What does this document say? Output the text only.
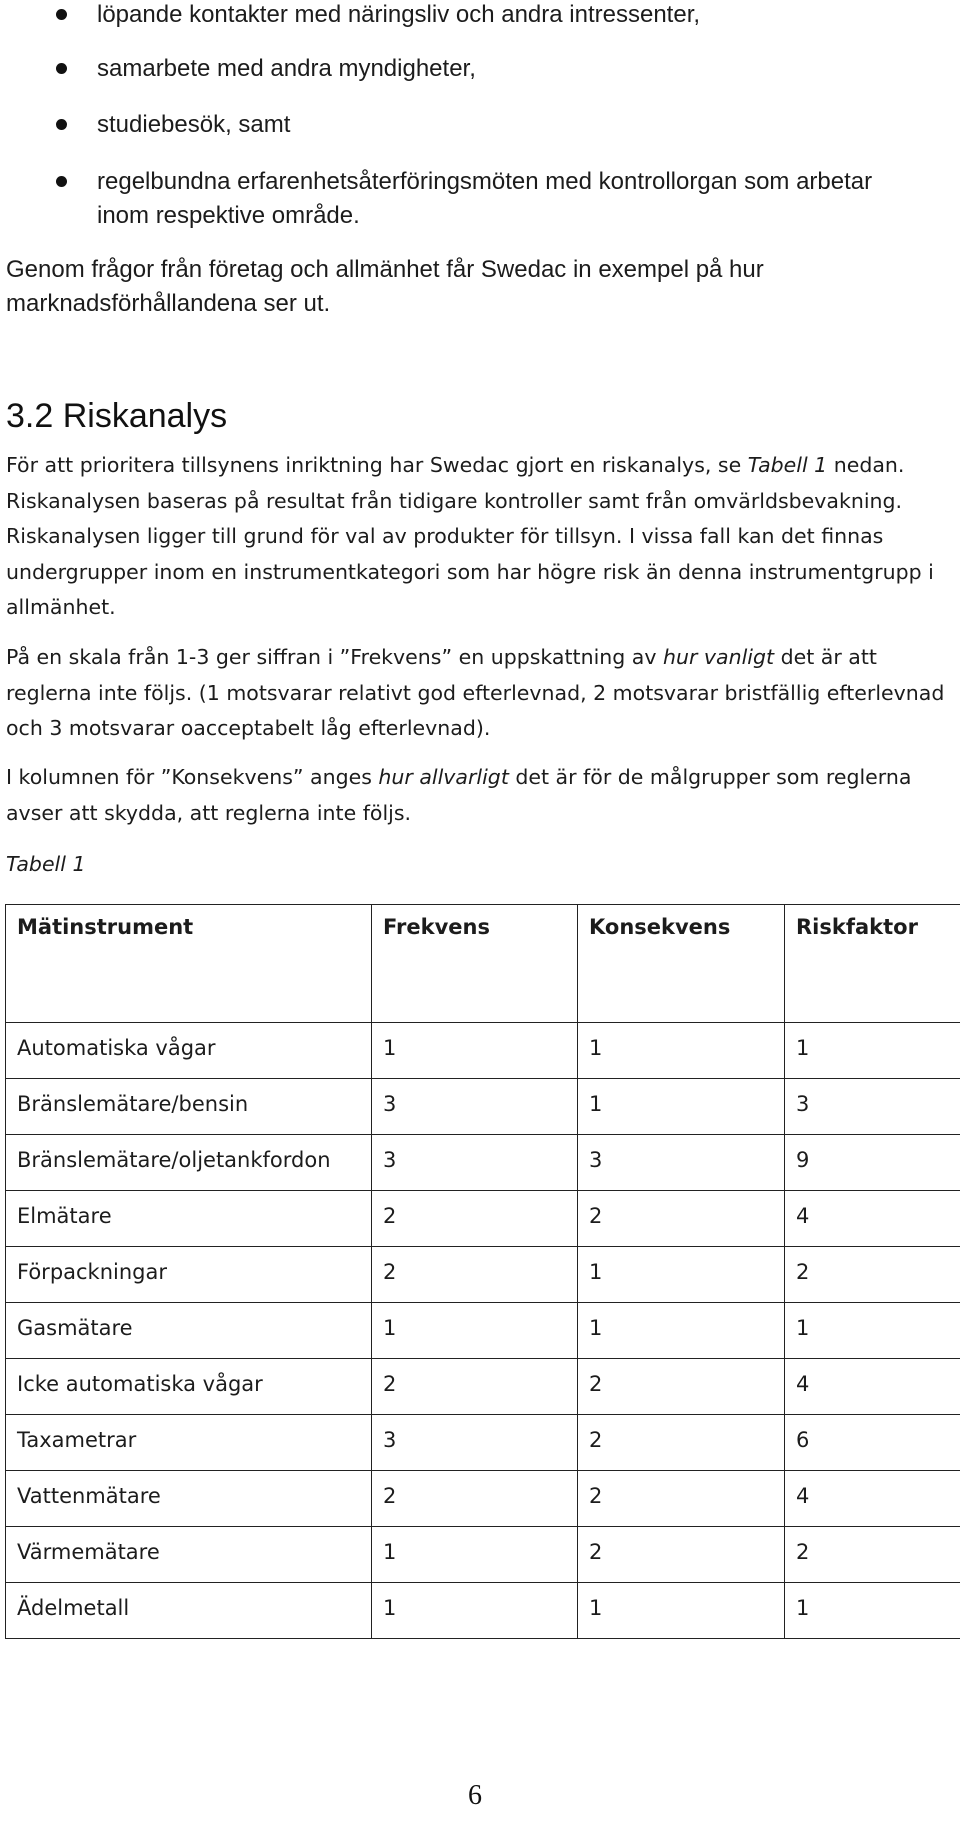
löpande kontakter med näringsliv och andra intressenter,
samarbete med andra myndigheter,
studiebesök, samt
regelbundna erfarenhetsåterföringsmöten med kontrollorgan som arbetar inom respektive område.

Genom frågor från företag och allmänhet får Swedac in exempel på hur marknadsförhållandena ser ut.

3.2 Riskanalys

För att prioritera tillsynens inriktning har Swedac gjort en riskanalys, se Tabell 1 nedan. Riskanalysen baseras på resultat från tidigare kontroller samt från omvärldsbevakning. Riskanalysen ligger till grund för val av produkter för tillsyn. I vissa fall kan det finnas undergrupper inom en instrumentkategori som har högre risk än denna instrumentgrupp i allmänhet.

På en skala från 1-3 ger siffran i ”Frekvens” en uppskattning av hur vanligt det är att reglerna inte följs. (1 motsvarar relativt god efterlevnad, 2 motsvarar bristfällig efterlevnad och 3 motsvarar oacceptabelt låg efterlevnad).

I kolumnen för ”Konsekvens” anges hur allvarligt det är för de målgrupper som reglerna avser att skydda, att reglerna inte följs.

Tabell 1

Mätinstrument	Frekvens	Konsekvens	Riskfaktor
Automatiska vågar	1	1	1
Bränslemätare/bensin	3	1	3
Bränslemätare/oljetankfordon	3	3	9
Elmätare	2	2	4
Förpackningar	2	1	2
Gasmätare	1	1	1
Icke automatiska vågar	2	2	4
Taxametrar	3	2	6
Vattenmätare	2	2	4
Värmemätare	1	2	2
Ädelmetall	1	1	1
6
